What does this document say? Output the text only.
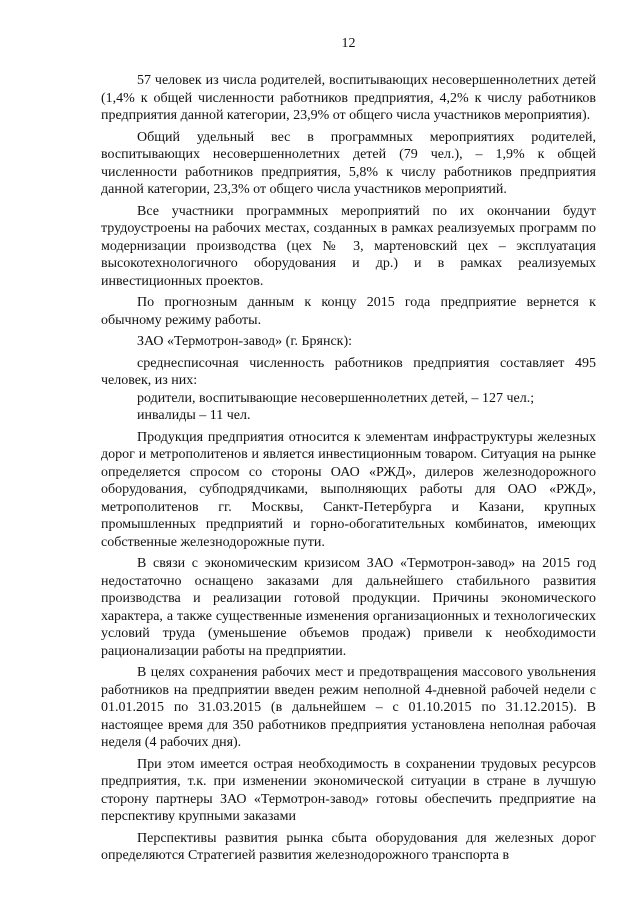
12

57 человек из числа родителей, воспитывающих несовершеннолетних детей (1,4% к общей численности работников предприятия, 4,2% к числу работников предприятия данной категории, 23,9% от общего числа участников мероприятия).

Общий удельный вес в программных мероприятиях родителей, воспитывающих несовершеннолетних детей (79 чел.), – 1,9% к общей численности работников предприятия, 5,8% к числу работников предприятия данной категории, 23,3% от общего числа участников мероприятий.

Все участники программных мероприятий по их окончании будут трудоустроены на рабочих местах, созданных в рамках реализуемых программ по модернизации производства (цех № 3, мартеновский цех – эксплуатация высокотехнологичного оборудования и др.) и в рамках реализуемых инвестиционных проектов.

По прогнозным данным к концу 2015 года предприятие вернется к обычному режиму работы.

ЗАО «Термотрон-завод» (г. Брянск):

среднесписочная численность работников предприятия составляет 495 человек, из них:

родители, воспитывающие несовершеннолетних детей, – 127 чел.;

инвалиды – 11 чел.

Продукция предприятия относится к элементам инфраструктуры железных дорог и метрополитенов и является инвестиционным товаром. Ситуация на рынке определяется спросом со стороны ОАО «РЖД», дилеров железнодорожного оборудования, субподрядчиками, выполняющих работы для ОАО «РЖД», метрополитенов гг. Москвы, Санкт-Петербурга и Казани, крупных промышленных предприятий и горно-обогатительных комбинатов, имеющих собственные железнодорожные пути.

В связи с экономическим кризисом ЗАО «Термотрон-завод» на 2015 год недостаточно оснащено заказами для дальнейшего стабильного развития производства и реализации готовой продукции. Причины экономического характера, а также существенные изменения организационных и технологических условий труда (уменьшение объемов продаж) привели к необходимости рационализации работы на предприятии.

В целях сохранения рабочих мест и предотвращения массового увольнения работников на предприятии введен режим неполной 4-дневной рабочей недели с 01.01.2015 по 31.03.2015 (в дальнейшем – с 01.10.2015 по 31.12.2015). В настоящее время для 350 работников предприятия установлена неполная рабочая неделя (4 рабочих дня).

При этом имеется острая необходимость в сохранении трудовых ресурсов предприятия, т.к. при изменении экономической ситуации в стране в лучшую сторону партнеры ЗАО «Термотрон-завод» готовы обеспечить предприятие на перспективу крупными заказами

Перспективы развития рынка сбыта оборудования для железных дорог определяются Стратегией развития железнодорожного транспорта в
